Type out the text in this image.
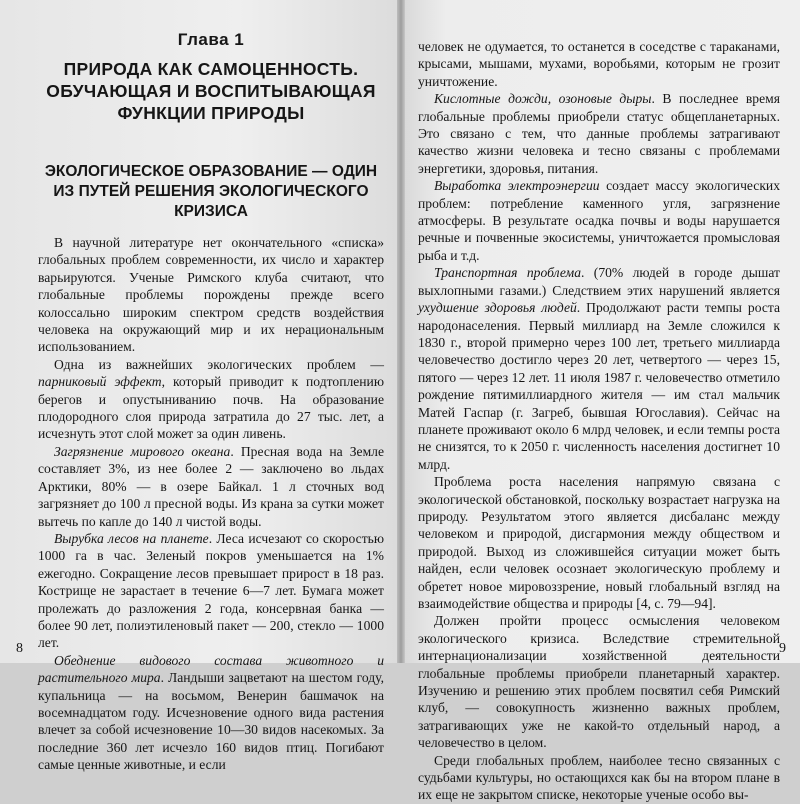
Глава 1
ПРИРОДА КАК САМОЦЕННОСТЬ. ОБУЧАЮЩАЯ И ВОСПИТЫВАЮЩАЯ ФУНКЦИИ ПРИРОДЫ
ЭКОЛОГИЧЕСКОЕ ОБРАЗОВАНИЕ — ОДИН ИЗ ПУТЕЙ РЕШЕНИЯ ЭКОЛОГИЧЕСКОГО КРИЗИСА

В научной литературе нет окончательного «списка» глобальных проблем современности, их число и характер варьируются. Ученые Римского клуба считают, что глобальные проблемы порождены прежде всего колоссально широким спектром средств воздействия человека на окружающий мир и их нерациональным использованием.

Одна из важнейших экологических проблем — парниковый эффект, который приводит к подтоплению берегов и опустыниванию почв. На образование плодородного слоя природа затратила до 27 тыс. лет, а исчезнуть этот слой может за один ливень.

Загрязнение мирового океана. Пресная вода на Земле составляет 3%, из нее более 2 — заключено во льдах Арктики, 80% — в озере Байкал. 1 л сточных вод загрязняет до 100 л пресной воды. Из крана за сутки может вытечь по капле до 140 л чистой воды.

Вырубка лесов на планете. Леса исчезают со скоростью 1000 га в час. Зеленый покров уменьшается на 1% ежегодно. Сокращение лесов превышает прирост в 18 раз. Кострище не зарастает в течение 6—7 лет. Бумага может пролежать до разложения 2 года, консервная банка — более 90 лет, полиэтиленовый пакет — 200, стекло — 1000 лет.

Обеднение видового состава животного и растительного мира. Ландыши зацветают на шестом году, купальница — на восьмом, Венерин башмачок на восемнадцатом году. Исчезновение одного вида растения влечет за собой исчезновение 10—30 видов насекомых. За последние 360 лет исчезло 160 видов птиц. Погибают самые ценные животные, и если

8

человек не одумается, то останется в соседстве с тараканами, крысами, мышами, мухами, воробьями, которым не грозит уничтожение.

Кислотные дожди, озоновые дыры. В последнее время глобальные проблемы приобрели статус общепланетарных. Это связано с тем, что данные проблемы затрагивают качество жизни человека и тесно связаны с проблемами энергетики, здоровья, питания.

Выработка электроэнергии создает массу экологических проблем: потребление каменного угля, загрязнение атмосферы. В результате осадка почвы и воды нарушается речные и почвенные экосистемы, уничтожается промысловая рыба и т.д.

Транспортная проблема. (70% людей в городе дышат выхлопными газами.) Следствием этих нарушений является ухудшение здоровья людей. Продолжают расти темпы роста народонаселения. Первый миллиард на Земле сложился к 1830 г., второй примерно через 100 лет, третьего миллиарда человечество достигло через 20 лет, четвертого — через 15, пятого — через 12 лет. 11 июля 1987 г. человечество отметило рождение пятимиллиардного жителя — им стал мальчик Матей Гаспар (г. Загреб, бывшая Югославия). Сейчас на планете проживают около 6 млрд человек, и если темпы роста не снизятся, то к 2050 г. численность населения достигнет 10 млрд.

Проблема роста населения напрямую связана с экологической обстановкой, поскольку возрастает нагрузка на природу. Результатом этого является дисбаланс между человеком и природой, дисгармония между обществом и природой. Выход из сложившейся ситуации может быть найден, если человек осознает экологическую проблему и обретет новое мировоззрение, новый глобальный взгляд на взаимодействие общества и природы [4, с. 79—94].

Должен пройти процесс осмысления человеком экологического кризиса. Вследствие стремительной интернационализации хозяйственной деятельности глобальные проблемы приобрели планетарный характер. Изучению и решению этих проблем посвятил себя Римский клуб, — совокупность жизненно важных проблем, затрагивающих уже не какой-то отдельный народ, а человечество в целом.

Среди глобальных проблем, наиболее тесно связанных с судьбами культуры, но остающихся как бы на втором плане в их еще не закрытом списке, некоторые ученые особо вы-

9
